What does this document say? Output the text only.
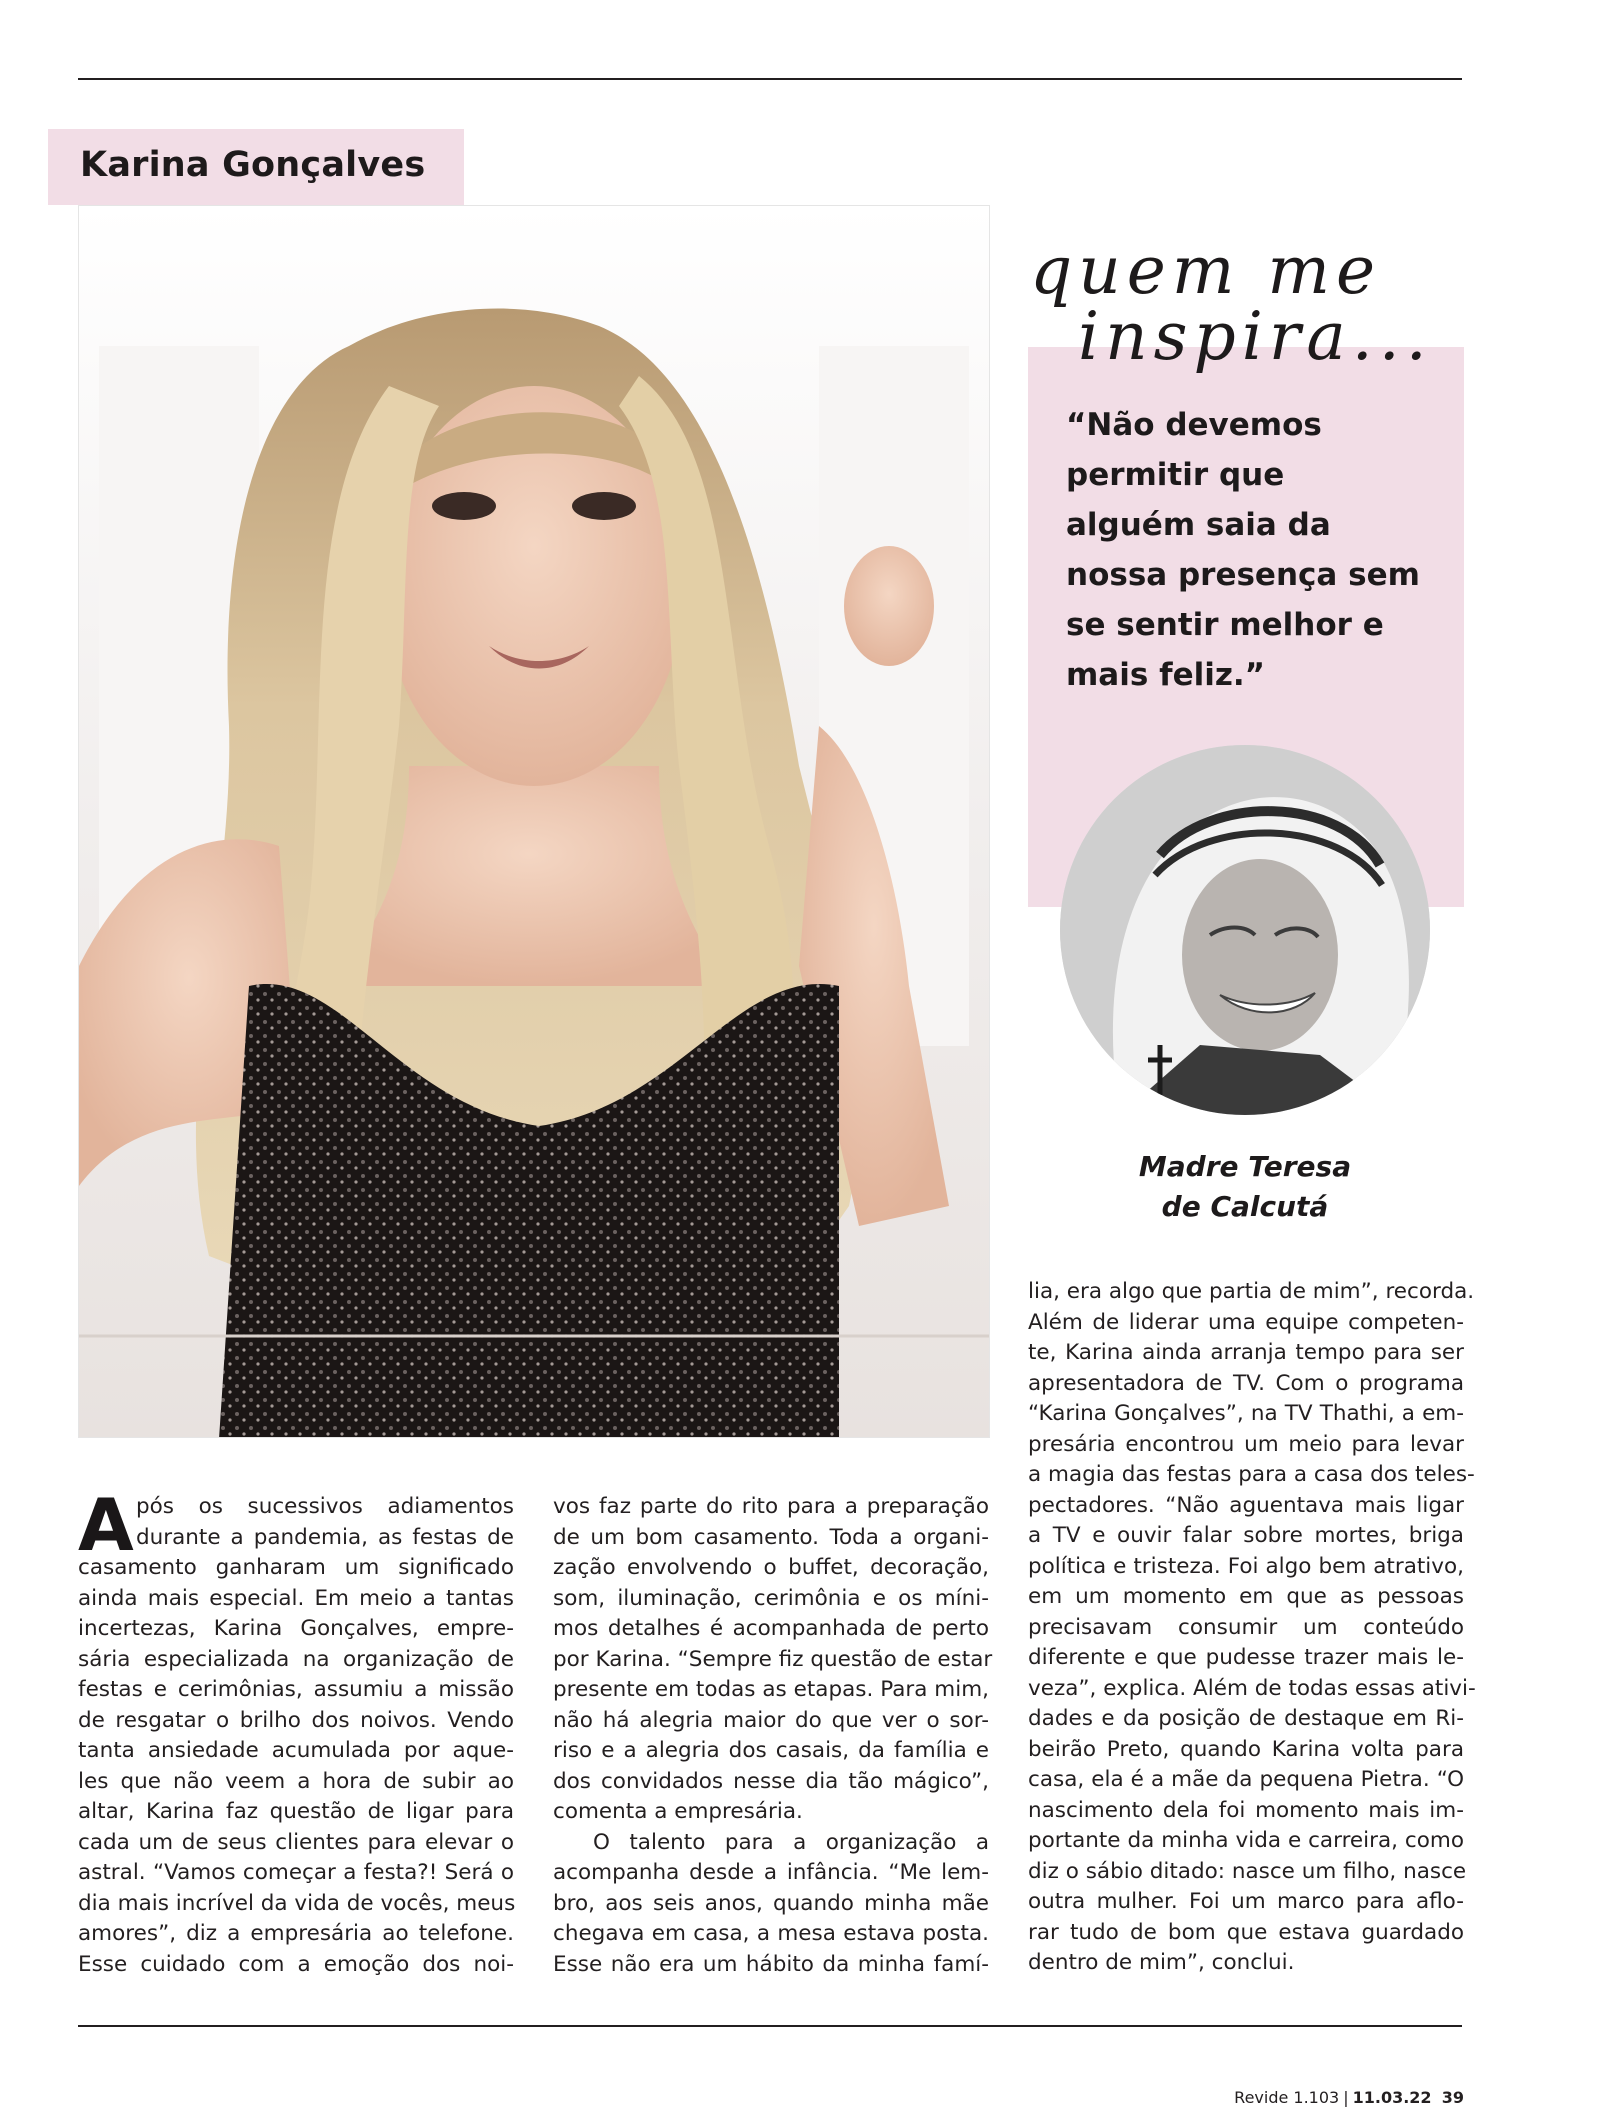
Karina Gonçalves
quem me
inspira...
“Não devemos
permitir que
alguém saia da
nossa presença sem
se sentir melhor e
mais feliz.”
Madre Teresa
de Calcutá
A pós os sucessivos adiamentos
durante a pandemia, as festas de
casamento ganharam um significado
ainda mais especial. Em meio a tantas
incertezas, Karina Gonçalves, empre-
sária especializada na organização de
festas e cerimônias, assumiu a missão
de resgatar o brilho dos noivos. Vendo
tanta ansiedade acumulada por aque-
les que não veem a hora de subir ao
altar, Karina faz questão de ligar para
cada um de seus clientes para elevar o
astral. “Vamos começar a festa?! Será o
dia mais incrível da vida de vocês, meus
amores”, diz a empresária ao telefone.
Esse cuidado com a emoção dos noi-
vos faz parte do rito para a preparação
de um bom casamento. Toda a organi-
zação envolvendo o buffet, decoração,
som, iluminação, cerimônia e os míni-
mos detalhes é acompanhada de perto
por Karina. “Sempre fiz questão de estar
presente em todas as etapas. Para mim,
não há alegria maior do que ver o sor-
riso e a alegria dos casais, da família e
dos convidados nesse dia tão mágico”,
comenta a empresária.
O talento para a organização a
acompanha desde a infância. “Me lem-
bro, aos seis anos, quando minha mãe
chegava em casa, a mesa estava posta.
Esse não era um hábito da minha famí-
lia, era algo que partia de mim”, recorda.
Além de liderar uma equipe competen-
te, Karina ainda arranja tempo para ser
apresentadora de TV. Com o programa
“Karina Gonçalves”, na TV Thathi, a em-
presária encontrou um meio para levar
a magia das festas para a casa dos teles-
pectadores. “Não aguentava mais ligar
a TV e ouvir falar sobre mortes, briga
política e tristeza. Foi algo bem atrativo,
em um momento em que as pessoas
precisavam consumir um conteúdo
diferente e que pudesse trazer mais le-
veza”, explica. Além de todas essas ativi-
dades e da posição de destaque em Ri-
beirão Preto, quando Karina volta para
casa, ela é a mãe da pequena Pietra. “O
nascimento dela foi momento mais im-
portante da minha vida e carreira, como
diz o sábio ditado: nasce um filho, nasce
outra mulher. Foi um marco para aflo-
rar tudo de bom que estava guardado
dentro de mim”, conclui.
Revide 1.103 | 11.03.22 39
